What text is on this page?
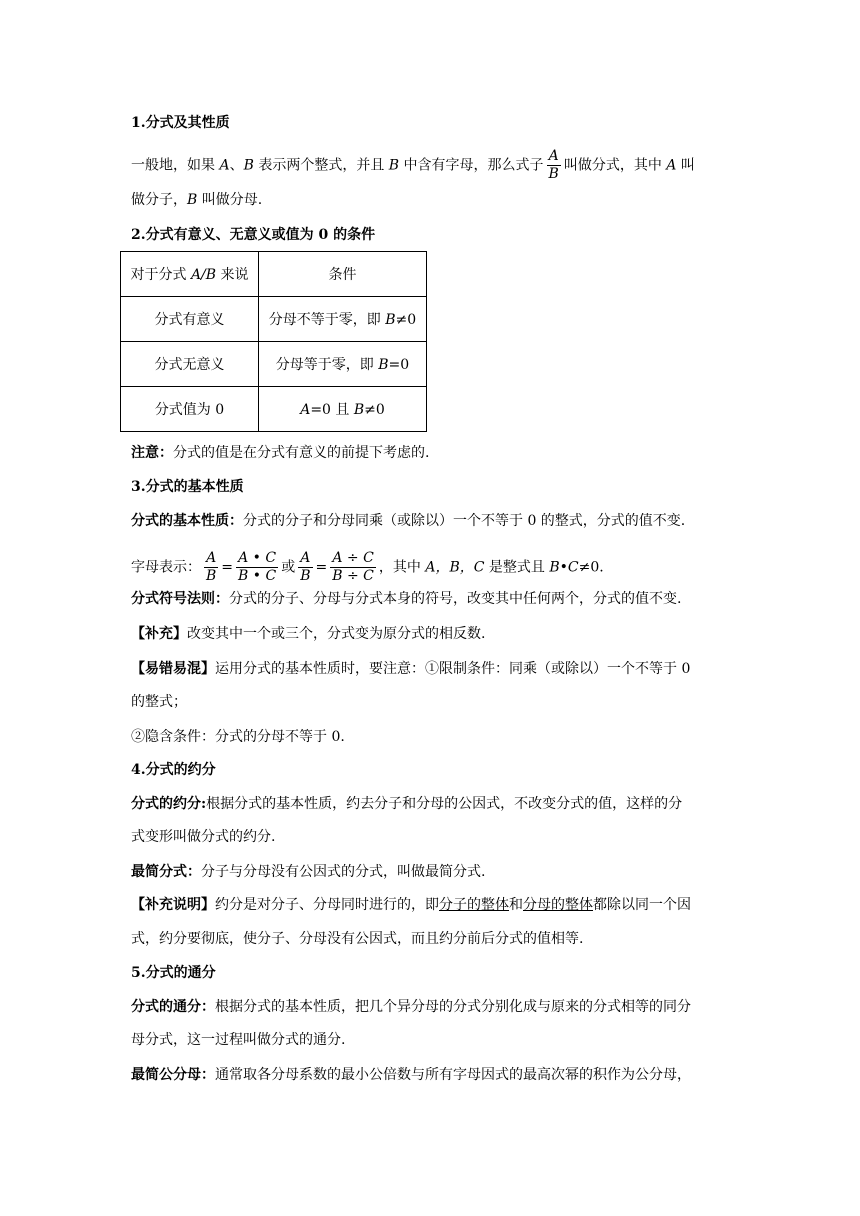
1.分式及其性质
一般地，如果 A、B 表示两个整式，并且 B 中含有字母，那么式子 $\frac{A}{B}$ 叫做分式，其中 A 叫
做分子，B 叫做分母.
2.分式有意义、无意义或值为 0 的条件
对于分式 A/B 来说	条件
分式有意义	分母不等于零，即 B≠0
分式无意义	分母等于零，即 B=0
分式值为 0	A=0 且 B≠0
注意：分式的值是在分式有意义的前提下考虑的.
3.分式的基本性质
分式的基本性质：分式的分子和分母同乘（或除以）一个不等于 0 的整式，分式的值不变.
字母表示： $\frac{A}{B} = \frac{A • C}{B • C}$ 或 $\frac{A}{B} = \frac{A \div C}{B \div C}$ ，其中 A，B，C 是整式且 B•C≠0.
分式符号法则：分式的分子、分母与分式本身的符号，改变其中任何两个，分式的值不变.
【补充】改变其中一个或三个，分式变为原分式的相反数.
【易错易混】运用分式的基本性质时，要注意：①限制条件：同乘（或除以）一个不等于 0
的整式；
②隐含条件：分式的分母不等于 0.
4.分式的约分
分式的约分:根据分式的基本性质，约去分子和分母的公因式，不改变分式的值，这样的分
式变形叫做分式的约分.
最简分式：分子与分母没有公因式的分式，叫做最简分式.
【补充说明】约分是对分子、分母同时进行的，即分子的整体和分母的整体都除以同一个因
式，约分要彻底，使分子、分母没有公因式，而且约分前后分式的值相等.
5.分式的通分
分式的通分：根据分式的基本性质，把几个异分母的分式分别化成与原来的分式相等的同分
母分式，这一过程叫做分式的通分.
最简公分母：通常取各分母系数的最小公倍数与所有字母因式的最高次幂的积作为公分母，
